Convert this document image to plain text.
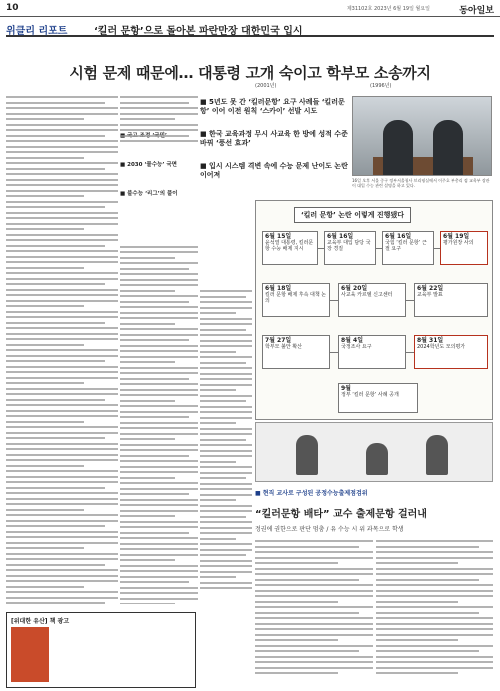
10	제31102호 2023년 6월 19일 월요일	동아일보
위클리 리포트	‘킬러 문항’으로 돌아본 파란만장 대한민국 입시
시험 문제 때문에… 대통령 고개 숙이고 학부모 소송까지
(2001년)	(1996년)
■ 2030 ‘물수능’ 국면
■ 불수능 ‘리그’의 풀이
■ 5년도 못 간 ‘킬러문항’ 요구 사례들 ‘킬러문항’ 이어 이전 원칙 ‘스카이’ 선발 시도
■ 한국 교육과정 무시 사교육 한 방에 성적 수준 바꿔 ‘풍선 효과’
■ 입시 시스템 격변 속에 수능 문제 난이도 논란 이어져
16일 오후 서울 중구 정부서울청사 브리핑실에서 이주호 부총리 겸 교육부 장관이 대입 수능 관련 설명을 하고 있다.
‘킬러 문항’ 논란 이렇게 진행됐다
6월 15일
윤석열 대통령, 킬러문항 수능 배제 지시
6월 16일
교육부 대입 담당 국장 경질
6월 16일
국힘 ‘킬러 문항’ 근절 요구
6월 19일
평가원장 사의
6월 18일
킬러 문항 배제 후속 대책 논의
6월 20일
사교육 카르텔 신고센터
6월 22일
교육부 발표
7월 27일
학부모 불안 확산
8월 4일
국정조사 요구
8월 31일
2024학년도 모의평가
9월
정부 ‘킬러 문항’ 사례 공개
■ 현직 교사로 구성된 공정수능출제점검위
“킬러문항 배타” 교수 출제문항 걸러내
정권에 권한으로 판단 멈춤 / 유 수능 시 위 과목으로 학생
[위대한 유산] 책 광고
